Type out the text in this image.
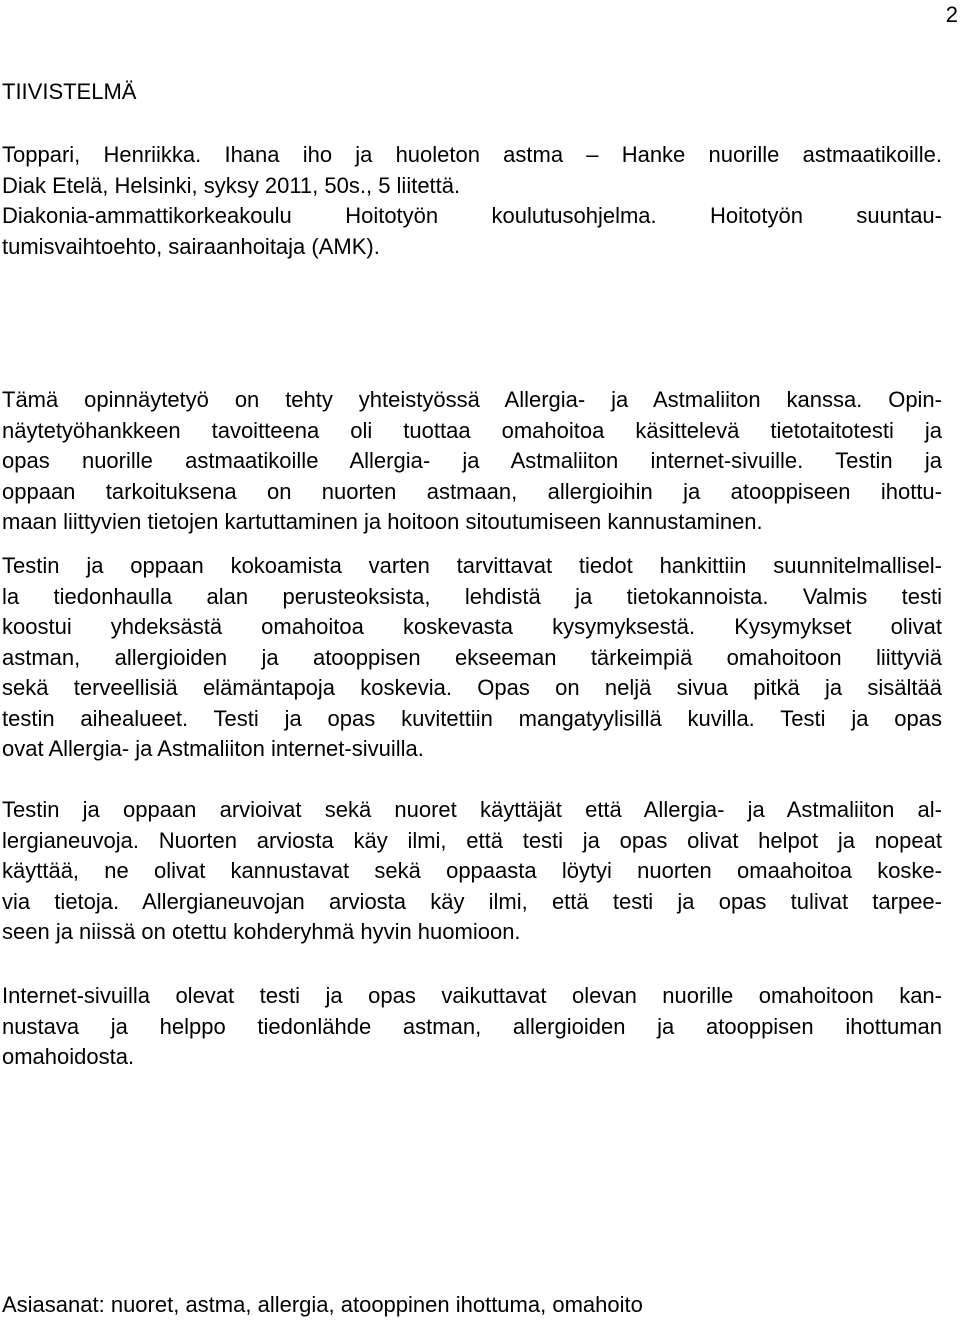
2
TIIVISTELMÄ
Toppari, Henriikka. Ihana iho ja huoleton astma – Hanke nuorille astmaatikoille.
Diak Etelä, Helsinki, syksy 2011, 50s., 5 liitettä.
Diakonia-ammattikorkeakoulu Hoitotyön koulutusohjelma. Hoitotyön suuntau-
tumisvaihtoehto, sairaanhoitaja (AMK).
Tämä opinnäytetyö on tehty yhteistyössä Allergia- ja Astmaliiton kanssa. Opin-
näytetyöhankkeen tavoitteena oli tuottaa omahoitoa käsittelevä tietotaitotesti ja
opas nuorille astmaatikoille Allergia- ja Astmaliiton internet-sivuille. Testin ja
oppaan tarkoituksena on nuorten astmaan, allergioihin ja atooppiseen ihottu-
maan liittyvien tietojen kartuttaminen ja hoitoon sitoutumiseen kannustaminen.
Testin ja oppaan kokoamista varten tarvittavat tiedot hankittiin suunnitelmallisel-
la tiedonhaulla alan perusteoksista, lehdistä ja tietokannoista. Valmis testi
koostui yhdeksästä omahoitoa koskevasta kysymyksestä. Kysymykset olivat
astman, allergioiden ja atooppisen ekseeman tärkeimpiä omahoitoon liittyviä
sekä terveellisiä elämäntapoja koskevia. Opas on neljä sivua pitkä ja sisältää
testin aihealueet. Testi ja opas kuvitettiin mangatyylisillä kuvilla. Testi ja opas
ovat Allergia- ja Astmaliiton internet-sivuilla.
Testin ja oppaan arvioivat sekä nuoret käyttäjät että Allergia- ja Astmaliiton al-
lergianeuvoja. Nuorten arviosta käy ilmi, että testi ja opas olivat helpot ja nopeat
käyttää, ne olivat kannustavat sekä oppaasta löytyi nuorten omaahoitoa koske-
via tietoja. Allergianeuvojan arviosta käy ilmi, että testi ja opas tulivat tarpee-
seen ja niissä on otettu kohderyhmä hyvin huomioon.
Internet-sivuilla olevat testi ja opas vaikuttavat olevan nuorille omahoitoon kan-
nustava ja helppo tiedonlähde astman, allergioiden ja atooppisen ihottuman
omahoidosta.
Asiasanat: nuoret, astma, allergia, atooppinen ihottuma, omahoito
